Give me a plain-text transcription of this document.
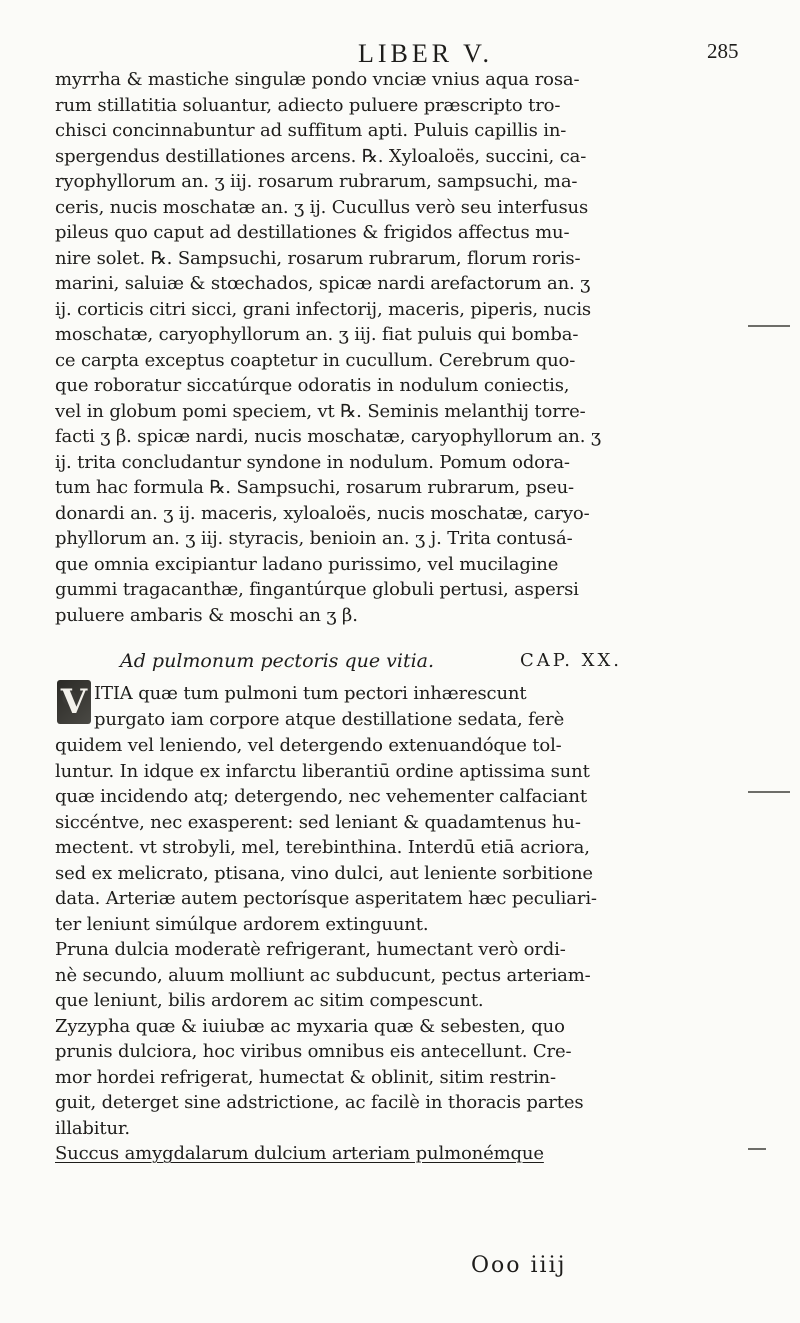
LIBER V.	285
myrrha & mastiche singulæ pondo vnciæ vnius aqua rosa-
rum stillatitia soluantur, adiecto puluere præscripto tro-
chisci concinnabuntur ad suffitum apti. Puluis capillis in-
spergendus destillationes arcens. ℞. Xyloaloës, succini, ca-
ryophyllorum an. ʒ iij. rosarum rubrarum, sampsuchi, ma-
ceris, nucis moschatæ an. ʒ ij. Cucullus verò seu interfusus
pileus quo caput ad destillationes & frigidos affectus mu-
nire solet. ℞. Sampsuchi, rosarum rubrarum, florum roris-
marini, saluiæ & stœchados, spicæ nardi arefactorum an. ʒ
ij. corticis citri sicci, grani infectorij, maceris, piperis, nucis
moschatæ, caryophyllorum an. ʒ iij. fiat puluis qui bomba-
ce carpta exceptus coaptetur in cucullum. Cerebrum quo-
que roboratur siccatúrque odoratis in nodulum coniectis,
vel in globum pomi speciem, vt ℞. Seminis melanthij torre-
facti ʒ β. spicæ nardi, nucis moschatæ, caryophyllorum an. ʒ
ij. trita concludantur syndone in nodulum. Pomum odora-
tum hac formula ℞. Sampsuchi, rosarum rubrarum, pseu-
donardi an. ʒ ij. maceris, xyloaloës, nucis moschatæ, caryo-
phyllorum an. ʒ iij. styracis, benioin an. ʒ j. Trita contusá-
que omnia excipiantur ladano purissimo, vel mucilagine
gummi tragacanthæ, fingantúrque globuli pertusi, aspersi
puluere ambaris & moschi an ʒ β.
Ad pulmonum pectoris que vitia.	CAP. XX.
V ITIA quæ tum pulmoni tum pectori inhærescunt
purgato iam corpore atque destillatione sedata, ferè
quidem vel leniendo, vel detergendo extenuandóque tol-
luntur. In idque ex infarctu liberantiū ordine aptissima sunt
quæ incidendo atq; detergendo, nec vehementer calfaciant
siccéntve, nec exasperent: sed leniant & quadamtenus hu-
mectent. vt strobyli, mel, terebinthina. Interdū etiā acriora,
sed ex melicrato, ptisana, vino dulci, aut leniente sorbitione
data. Arteriæ autem pectorísque asperitatem hæc peculiari-
ter leniunt simúlque ardorem extinguunt.
Pruna dulcia moderatè refrigerant, humectant verò ordi-
nè secundo, aluum molliunt ac subducunt, pectus arteriam-
que leniunt, bilis ardorem ac sitim compescunt.
Zyzypha quæ & iuiubæ ac myxaria quæ & sebesten, quo
prunis dulciora, hoc viribus omnibus eis antecellunt. Cre-
mor hordei refrigerat, humectat & oblinit, sitim restrin-
guit, deterget sine adstrictione, ac facilè in thoracis partes
illabitur.
Succus amygdalarum dulcium arteriam pulmonémque
Ooo iiij
